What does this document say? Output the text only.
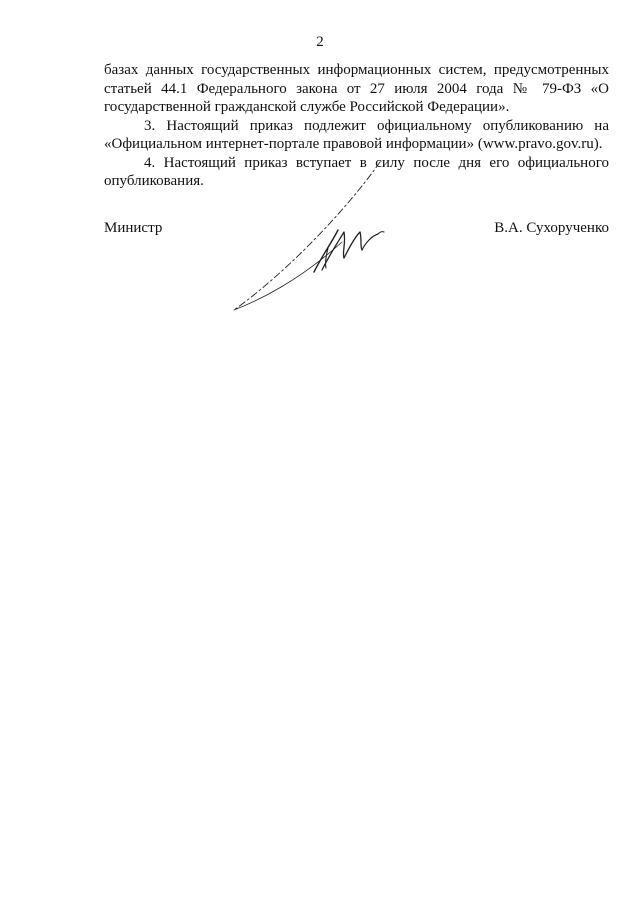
2

базах данных государственных информационных систем, предусмотренных статьей 44.1 Федерального закона от 27 июля 2004 года № 79-ФЗ «О государственной гражданской службе Российской Федерации».

3. Настоящий приказ подлежит официальному опубликованию на «Официальном интернет-портале правовой информации» (www.pravo.gov.ru).

4. Настоящий приказ вступает в силу после дня его официального опубликования.

Министр	В.А. Сухорученко
